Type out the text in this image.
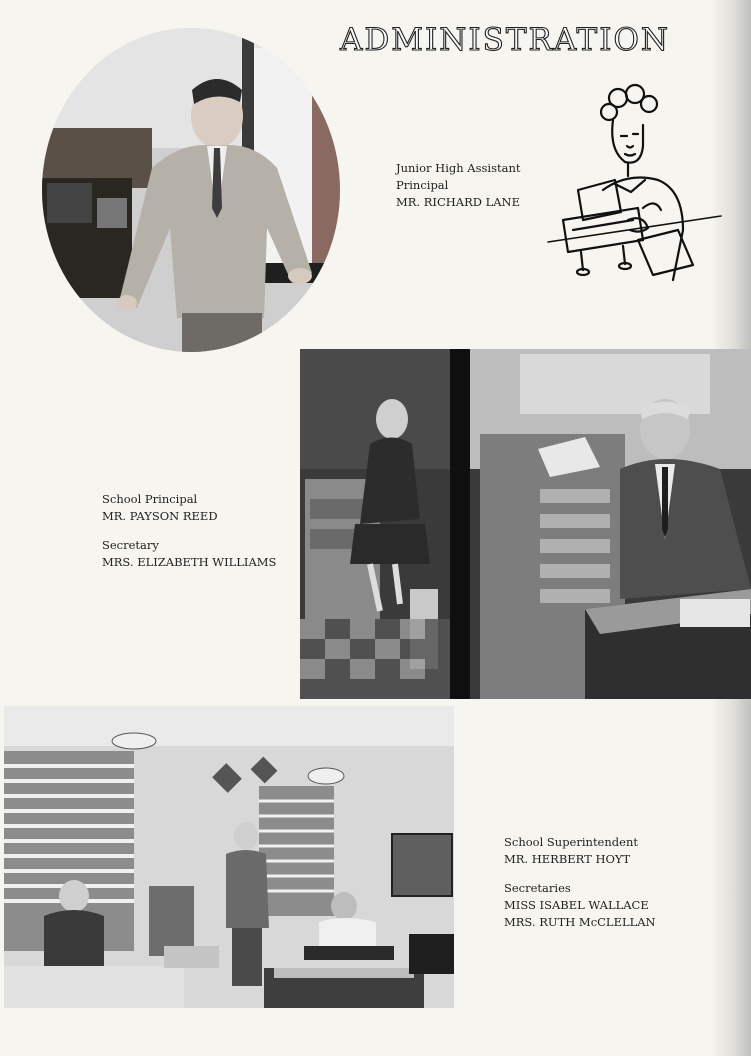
ADMINISTRATION
Junior High Assistant
Principal
MR. RICHARD LANE
School Principal
MR. PAYSON REED
Secretary
MRS. ELIZABETH WILLIAMS
School Superintendent
MR. HERBERT HOYT
Secretaries
MISS ISABEL WALLACE
MRS. RUTH McCLELLAN
